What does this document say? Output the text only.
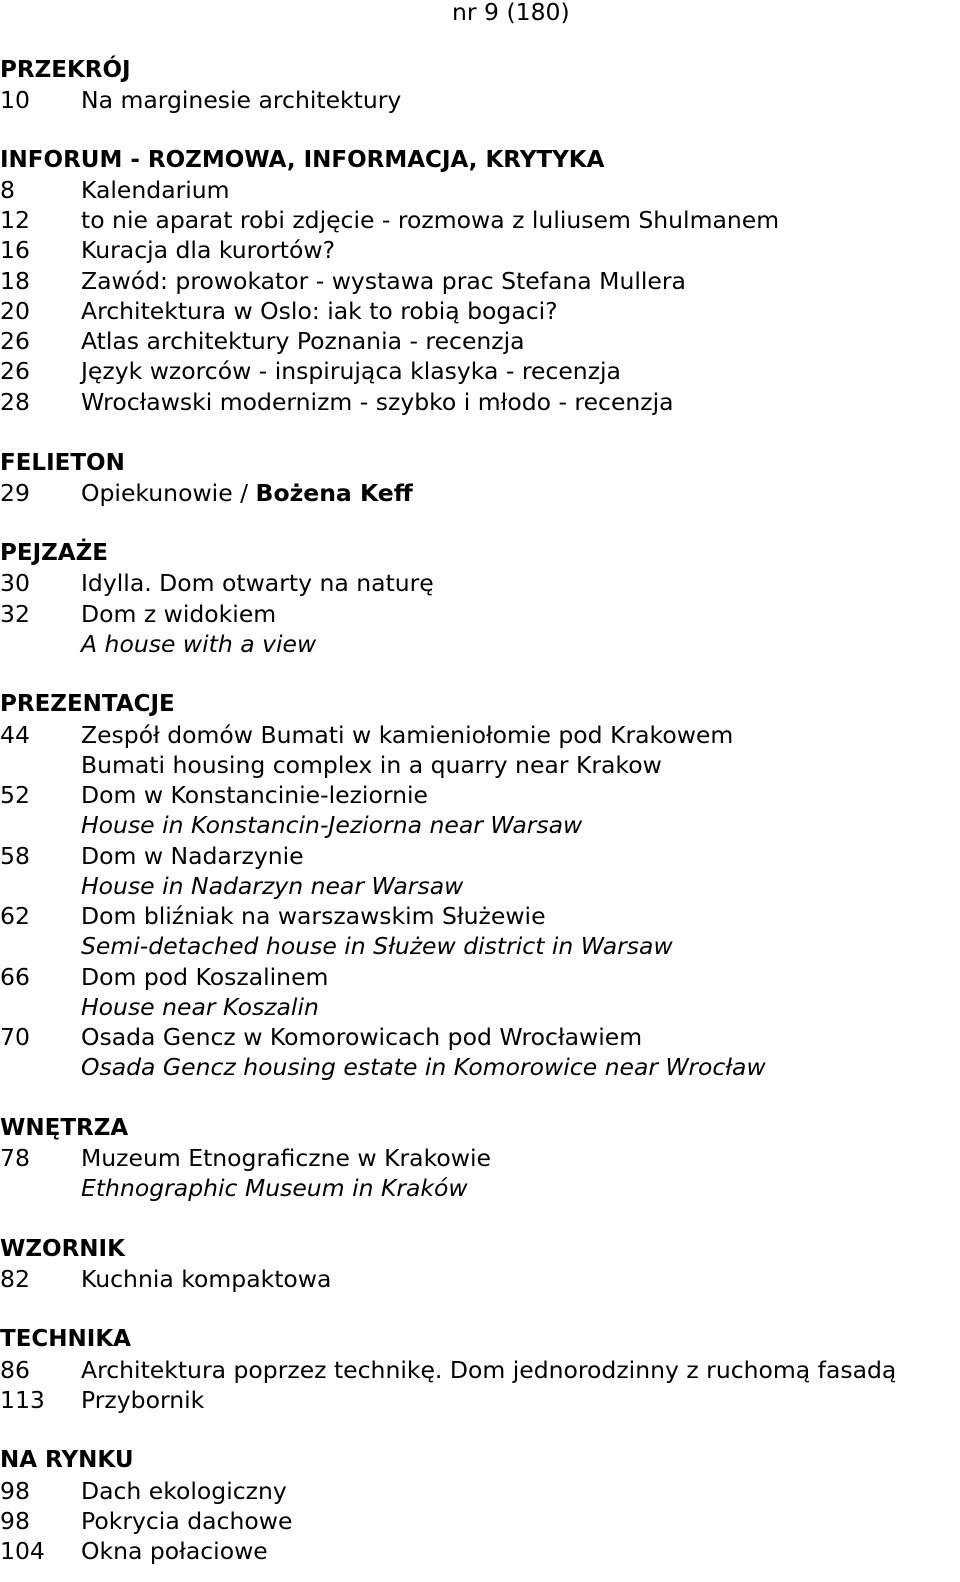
nr 9 (180)
PRZEKRÓJ
10 Na marginesie architektury
INFORUM - ROZMOWA, INFORMACJA, KRYTYKA
8	Kalendarium
12 to nie aparat robi zdjęcie - rozmowa z luliusem Shulmanem
16 Kuracja dla kurortów?
18 Zawód: prowokator - wystawa prac Stefana Mullera
20 Architektura w Oslo: iak to robią bogaci?
26 Atlas architektury Poznania - recenzja
26 Język wzorców - inspirująca klasyka - recenzja
28 Wrocławski modernizm - szybko i młodo - recenzja
FELIETON
29 Opiekunowie / Bożena Keff
PEJZAŻE
30 Idylla. Dom otwarty na naturę
32 Dom z widokiem
A house with a view
PREZENTACJE
44 Zespół domów Bumati w kamieniołomie pod Krakowem
Bumati housing complex in a quarry near Krakow
52 Dom w Konstancinie-leziornie
House in Konstancin-Jeziorna near Warsaw
58 Dom w Nadarzynie
House in Nadarzyn near Warsaw
62 Dom bliźniak na warszawskim Służewie
Semi-detached house in Służew district in Warsaw
66 Dom pod Koszalinem
House near Koszalin
70 Osada Gencz w Komorowicach pod Wrocławiem
Osada Gencz housing estate in Komorowice near Wrocław
WNĘTRZA
78 Muzeum Etnograficzne w Krakowie
Ethnographic Museum in Kraków
WZORNIK
82 Kuchnia kompaktowa
TECHNIKA
86 Architektura poprzez technikę. Dom jednorodzinny z ruchomą fasadą
113 Przybornik
NA RYNKU
98 Dach ekologiczny
98 Pokrycia dachowe
104 Okna połaciowe
